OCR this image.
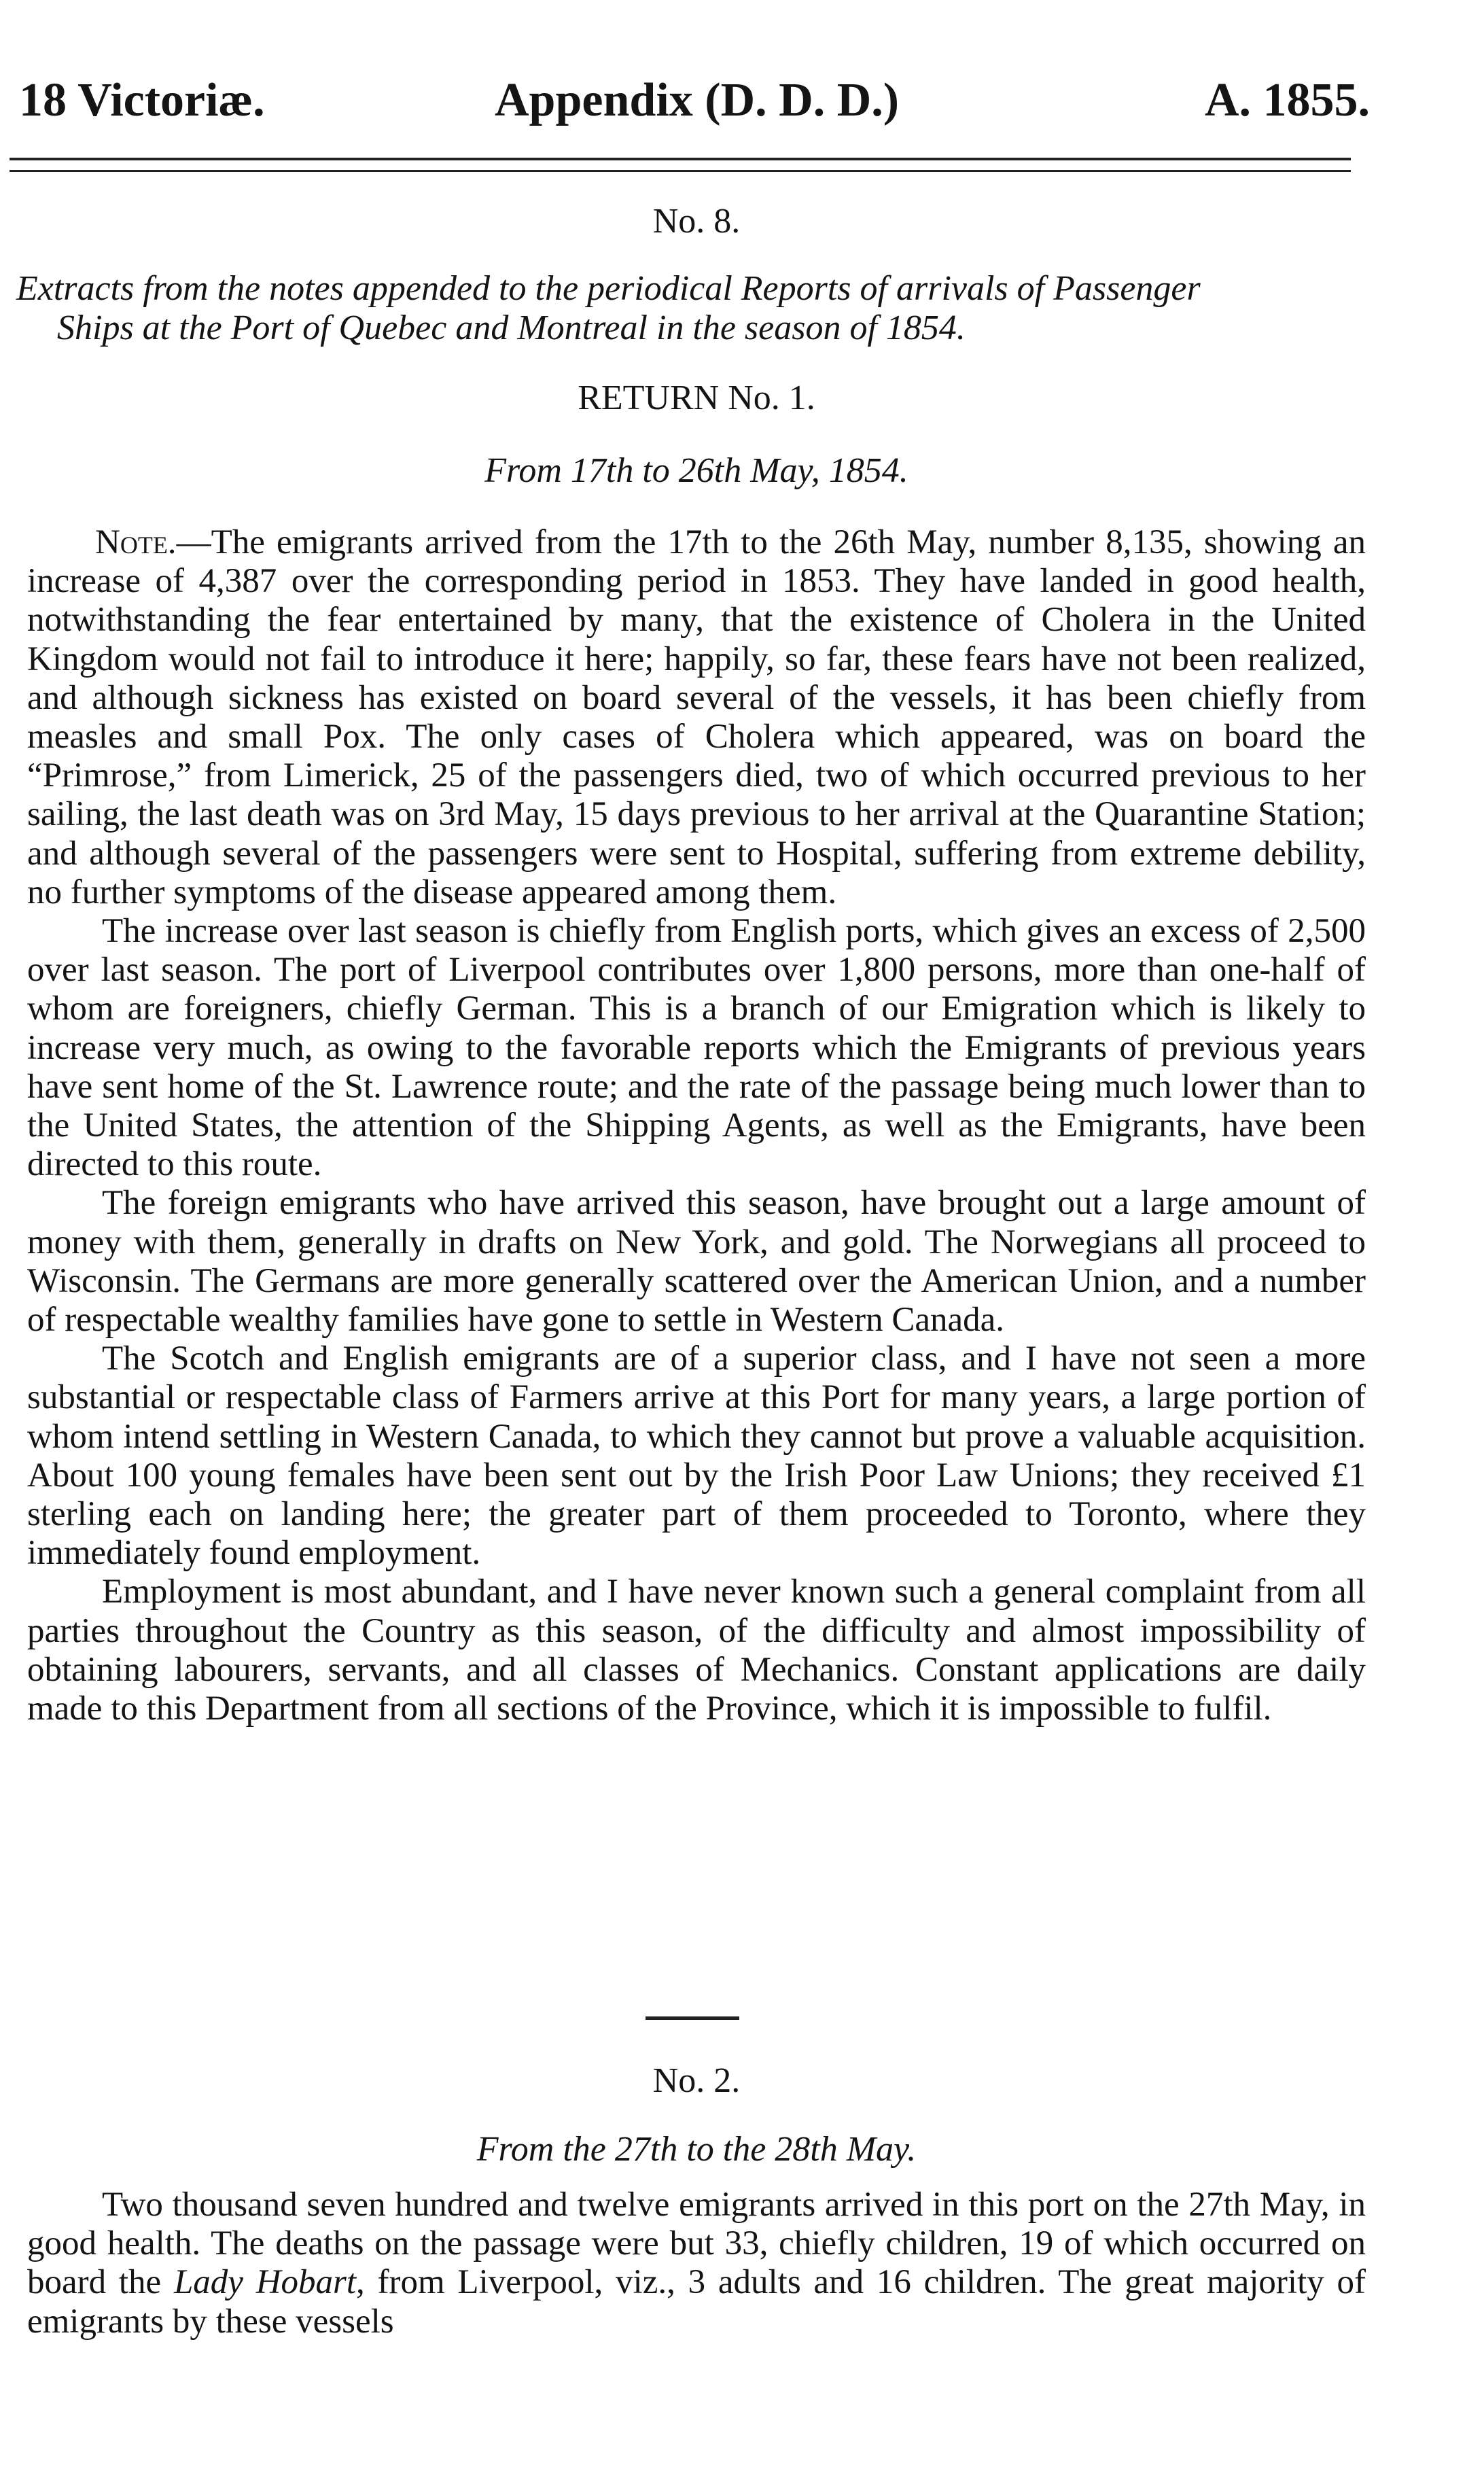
18 Victoriæ.	Appendix (D. D. D.)	A. 1855.
No. 8.
Extracts from the notes appended to the periodical Reports of arrivals of Passenger
Ships at the Port of Quebec and Montreal in the season of 1854.
RETURN No. 1.
From 17th to 26th May, 1854.

Note.—The emigrants arrived from the 17th to the 26th May, number 8,135, showing an increase of 4,387 over the corresponding period in 1853. They have landed in good health, notwithstanding the fear entertained by many, that the existence of Cholera in the United Kingdom would not fail to introduce it here; happily, so far, these fears have not been realized, and although sickness has existed on board several of the vessels, it has been chiefly from measles and small Pox. The only cases of Cholera which appeared, was on board the “Primrose,” from Limerick, 25 of the passengers died, two of which occurred previous to her sailing, the last death was on 3rd May, 15 days previous to her arrival at the Quarantine Station; and although several of the passengers were sent to Hospital, suffering from extreme debility, no further symptoms of the disease appeared among them.

The increase over last season is chiefly from English ports, which gives an excess of 2,500 over last season. The port of Liverpool contributes over 1,800 persons, more than one-half of whom are foreigners, chiefly German. This is a branch of our Emigration which is likely to increase very much, as owing to the favorable reports which the Emigrants of previous years have sent home of the St. Lawrence route; and the rate of the passage being much lower than to the United States, the attention of the Shipping Agents, as well as the Emigrants, have been directed to this route.

The foreign emigrants who have arrived this season, have brought out a large amount of money with them, generally in drafts on New York, and gold. The Norwegians all proceed to Wisconsin. The Germans are more generally scattered over the American Union, and a number of respectable wealthy families have gone to settle in Western Canada.

The Scotch and English emigrants are of a superior class, and I have not seen a more substantial or respectable class of Farmers arrive at this Port for many years, a large portion of whom intend settling in Western Canada, to which they cannot but prove a valuable acquisition. About 100 young females have been sent out by the Irish Poor Law Unions; they received £1 sterling each on landing here; the greater part of them proceeded to Toronto, where they immediately found employment.

Employment is most abundant, and I have never known such a general complaint from all parties throughout the Country as this season, of the difficulty and almost impossibility of obtaining labourers, servants, and all classes of Mechanics. Constant applications are daily made to this Department from all sections of the Province, which it is impossible to fulfil.

No. 2.
From the 27th to the 28th May.

Two thousand seven hundred and twelve emigrants arrived in this port on the 27th May, in good health. The deaths on the passage were but 33, chiefly children, 19 of which occurred on board the Lady Hobart, from Liverpool, viz., 3 adults and 16 children. The great majority of emigrants by these vessels
